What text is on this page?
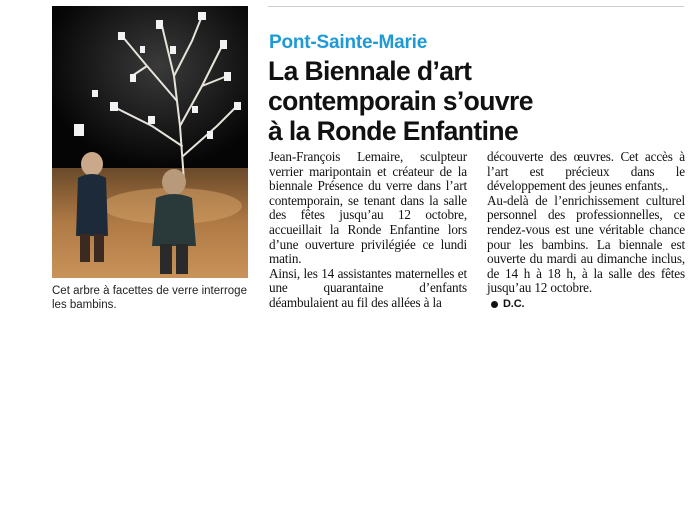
Cet arbre à facettes de verre interroge les bambins.
Pont-Sainte-Marie
La Biennale d’art
contemporain s’ouvre
à la Ronde Enfantine

Jean-François Lemaire, sculpteur verrier maripontain et créateur de la biennale Présence du verre dans l’art contemporain, se tenant dans la salle des fêtes jusqu’au 12 octobre, accueillait la Ronde Enfantine lors d’une ouverture privilégiée ce lundi matin.

Ainsi, les 14 assistantes maternelles et une quarantaine d’enfants déambulaient au fil des allées à la

découverte des œuvres. Cet accès à l’art est précieux dans le développement des jeunes enfants,.

Au-delà de l’enrichissement culturel personnel des professionnelles, ce rendez-vous est une véritable chance pour les bambins. La biennale est ouverte du mardi au dimanche inclus, de 14 h à 18 h, à la salle des fêtes jusqu’au 12 octobre.

D.C.
